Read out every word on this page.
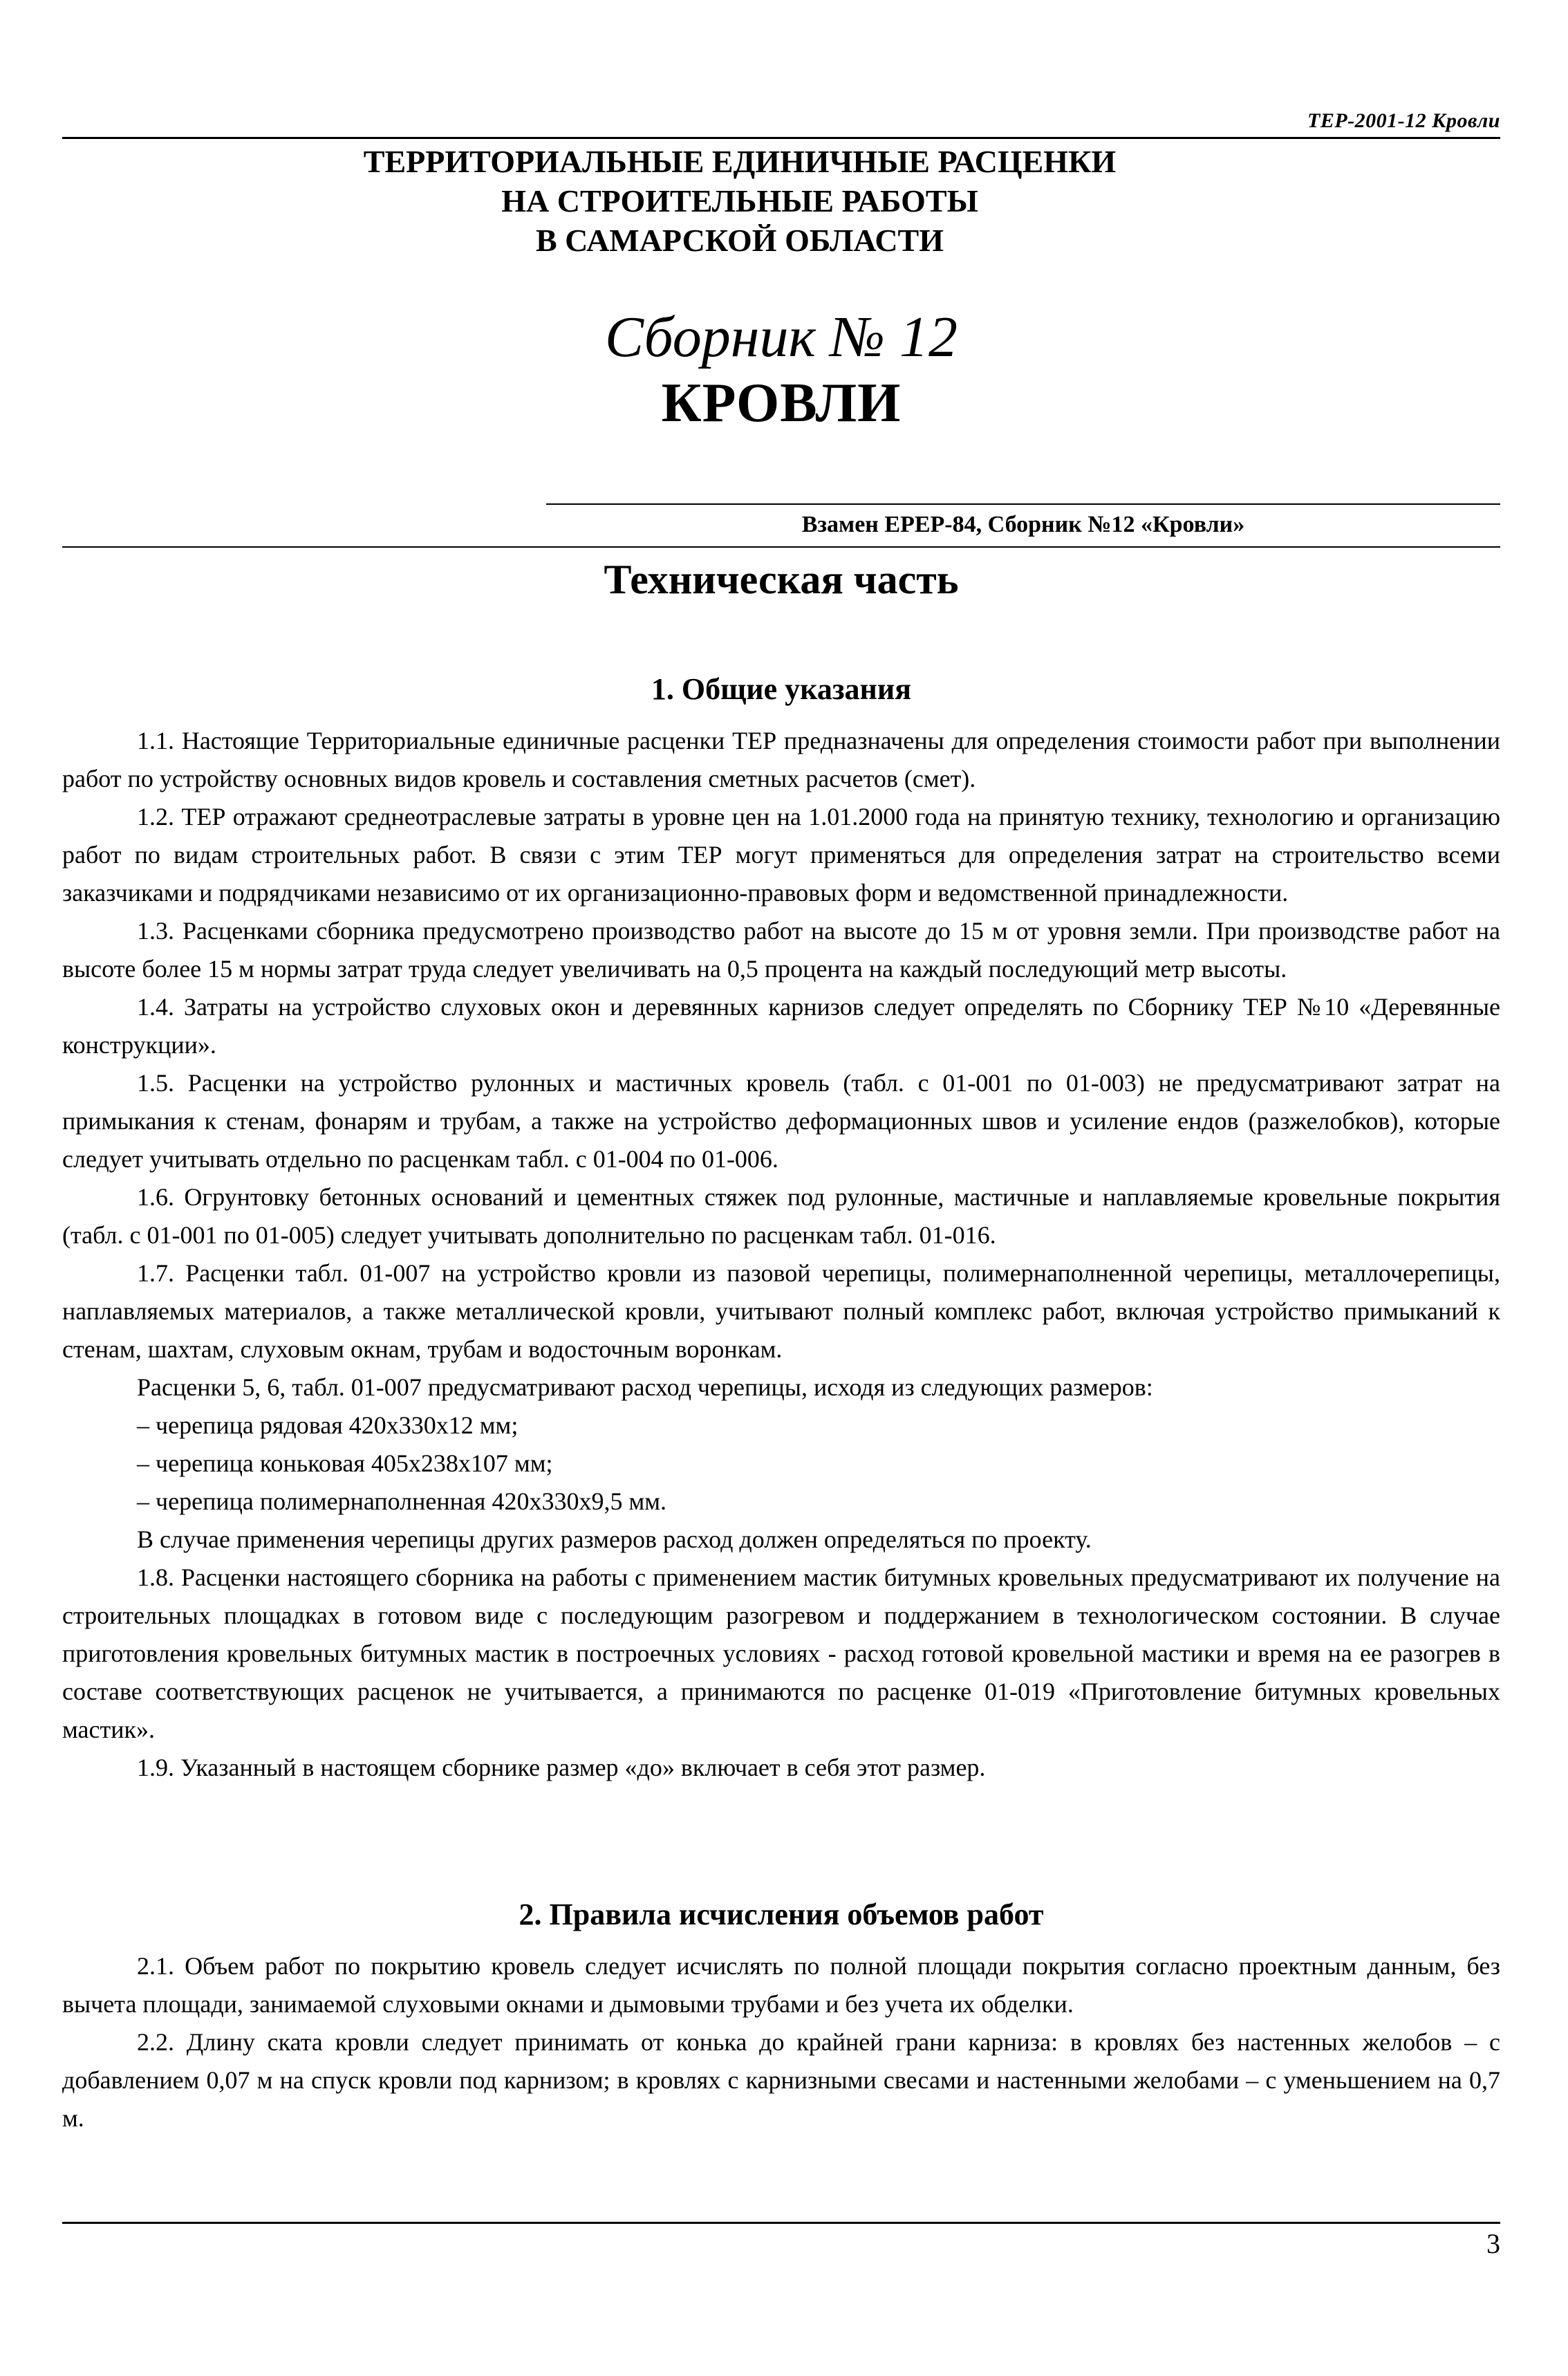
ТЕР-2001-12 Кровли
ТЕРРИТОРИАЛЬНЫЕ ЕДИНИЧНЫЕ РАСЦЕНКИ
НА СТРОИТЕЛЬНЫЕ РАБОТЫ
В САМАРСКОЙ ОБЛАСТИ
Сборник № 12
КРОВЛИ
Взамен ЕРЕР-84, Сборник №12 «Кровли»
Техническая часть
1. Общие указания

1.1. Настоящие Территориальные единичные расценки ТЕР предназначены для определения стоимости работ при выполнении работ по устройству основных видов кровель и составления сметных расчетов (смет).

1.2. ТЕР отражают среднеотраслевые затраты в уровне цен на 1.01.2000 года на принятую технику, технологию и организацию работ по видам строительных работ. В связи с этим ТЕР могут применяться для определения затрат на строительство всеми заказчиками и подрядчиками независимо от их организационно-правовых форм и ведомственной принадлежности.

1.3. Расценками сборника предусмотрено производство работ на высоте до 15 м от уровня земли. При производстве работ на высоте более 15 м нормы затрат труда следует увеличивать на 0,5 процента на каждый последующий метр высоты.

1.4. Затраты на устройство слуховых окон и деревянных карнизов следует определять по Сборнику ТЕР №10 «Деревянные конструкции».

1.5. Расценки на устройство рулонных и мастичных кровель (табл. с 01-001 по 01-003) не предусматривают затрат на примыкания к стенам, фонарям и трубам, а также на устройство деформационных швов и усиление ендов (разжелобков), которые следует учитывать отдельно по расценкам табл. с 01-004 по 01-006.

1.6. Огрунтовку бетонных оснований и цементных стяжек под рулонные, мастичные и наплавляемые кровельные покрытия (табл. с 01-001 по 01-005) следует учитывать дополнительно по расценкам табл. 01-016.

1.7. Расценки табл. 01-007 на устройство кровли из пазовой черепицы, полимернаполненной черепицы, металлочерепицы, наплавляемых материалов, а также металлической кровли, учитывают полный комплекс работ, включая устройство примыканий к стенам, шахтам, слуховым окнам, трубам и водосточным воронкам.

Расценки 5, 6, табл. 01-007 предусматривают расход черепицы, исходя из следующих размеров:

– черепица рядовая 420х330х12 мм;

– черепица коньковая 405х238х107 мм;

– черепица полимернаполненная 420х330х9,5 мм.

В случае применения черепицы других размеров расход должен определяться по проекту.

1.8. Расценки настоящего сборника на работы с применением мастик битумных кровельных предусматривают их получение на строительных площадках в готовом виде с последующим разогревом и поддержанием в технологическом состоянии. В случае приготовления кровельных битумных мастик в построечных условиях - расход готовой кровельной мастики и время на ее разогрев в составе соответствующих расценок не учитывается, а принимаются по расценке 01-019 «Приготовление битумных кровельных мастик».

1.9. Указанный в настоящем сборнике размер «до» включает в себя этот размер.

2. Правила исчисления объемов работ

2.1. Объем работ по покрытию кровель следует исчислять по полной площади покрытия согласно проектным данным, без вычета площади, занимаемой слуховыми окнами и дымовыми трубами и без учета их обделки.

2.2. Длину ската кровли следует принимать от конька до крайней грани карниза: в кровлях без настенных желобов – с добавлением 0,07 м на спуск кровли под карнизом; в кровлях с карнизными свесами и настенными желобами – с уменьшением на 0,7 м.

3
